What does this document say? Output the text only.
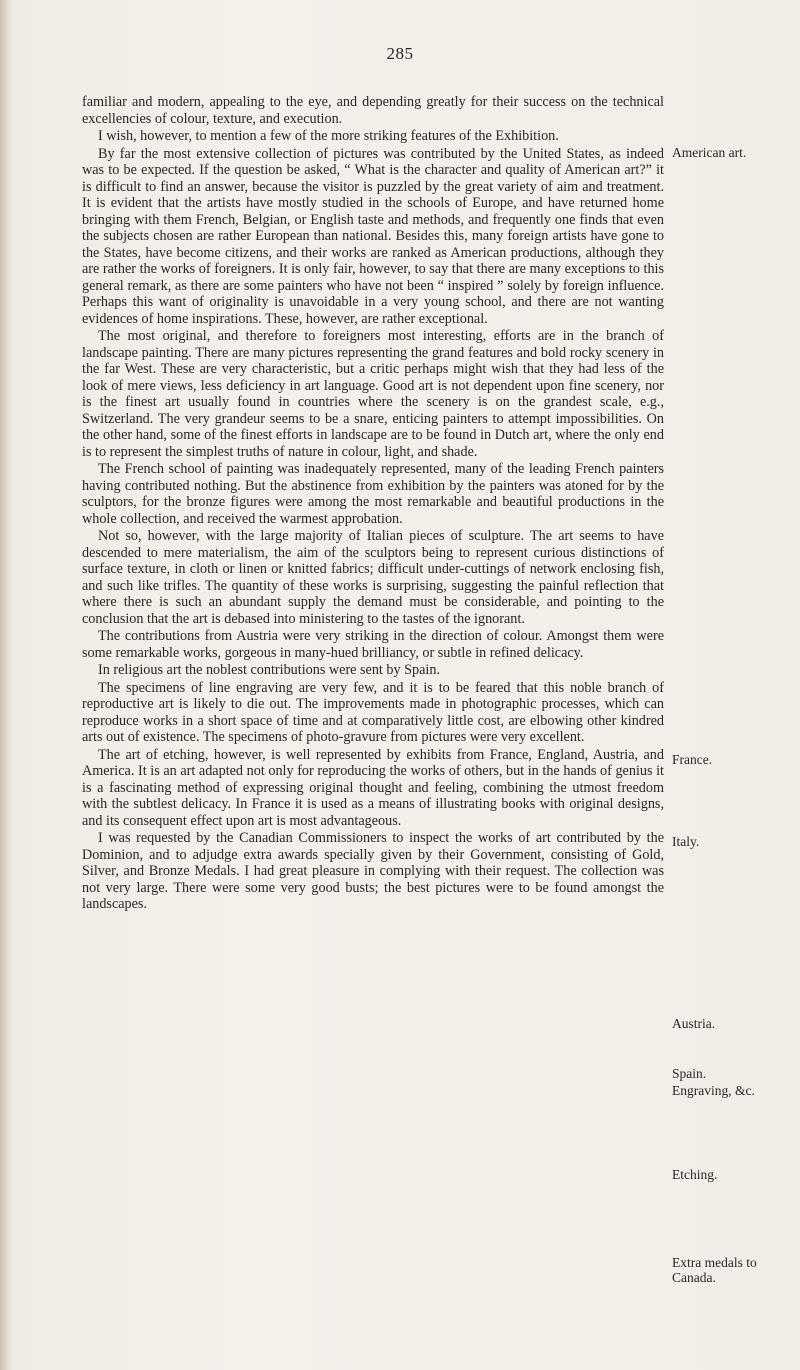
285

familiar and modern, appealing to the eye, and depending greatly for their success on the technical excellencies of colour, texture, and execution.

I wish, however, to mention a few of the more striking features of the Exhibition.

By far the most extensive collection of pictures was contributed by the United States, as indeed was to be expected. If the question be asked, “ What is the character and quality of American art?” it is difficult to find an answer, because the visitor is puzzled by the great variety of aim and treatment. It is evident that the artists have mostly studied in the schools of Europe, and have returned home bringing with them French, Belgian, or English taste and methods, and frequently one finds that even the subjects chosen are rather European than national. Besides this, many foreign artists have gone to the States, have become citizens, and their works are ranked as American productions, although they are rather the works of foreigners. It is only fair, however, to say that there are many exceptions to this general remark, as there are some painters who have not been “ inspired ” solely by foreign influence. Perhaps this want of originality is unavoidable in a very young school, and there are not wanting evidences of home inspirations. These, however, are rather exceptional.

The most original, and therefore to foreigners most interesting, efforts are in the branch of landscape painting. There are many pictures representing the grand features and bold rocky scenery in the far West. These are very characteristic, but a critic perhaps might wish that they had less of the look of mere views, less deficiency in art language. Good art is not dependent upon fine scenery, nor is the finest art usually found in countries where the scenery is on the grandest scale, e.g., Switzerland. The very grandeur seems to be a snare, enticing painters to attempt impossibilities. On the other hand, some of the finest efforts in landscape are to be found in Dutch art, where the only end is to represent the simplest truths of nature in colour, light, and shade.

The French school of painting was inadequately represented, many of the leading French painters having contributed nothing. But the abstinence from exhibition by the painters was atoned for by the sculptors, for the bronze figures were among the most remarkable and beautiful productions in the whole collection, and received the warmest approbation.

Not so, however, with the large majority of Italian pieces of sculpture. The art seems to have descended to mere materialism, the aim of the sculptors being to represent curious distinctions of surface texture, in cloth or linen or knitted fabrics; difficult under-cuttings of network enclosing fish, and such like trifles. The quantity of these works is surprising, suggesting the painful reflection that where there is such an abundant supply the demand must be considerable, and pointing to the conclusion that the art is debased into ministering to the tastes of the ignorant.

The contributions from Austria were very striking in the direction of colour. Amongst them were some remarkable works, gorgeous in many-hued brilliancy, or subtle in refined delicacy.

In religious art the noblest contributions were sent by Spain.

The specimens of line engraving are very few, and it is to be feared that this noble branch of reproductive art is likely to die out. The improvements made in photographic processes, which can reproduce works in a short space of time and at comparatively little cost, are elbowing other kindred arts out of existence. The specimens of photo-gravure from pictures were very excellent.

The art of etching, however, is well represented by exhibits from France, England, Austria, and America. It is an art adapted not only for reproducing the works of others, but in the hands of genius it is a fascinating method of expressing original thought and feeling, combining the utmost freedom with the subtlest delicacy. In France it is used as a means of illustrating books with original designs, and its consequent effect upon art is most advantageous.

I was requested by the Canadian Commissioners to inspect the works of art contributed by the Dominion, and to adjudge extra awards specially given by their Government, consisting of Gold, Silver, and Bronze Medals. I had great pleasure in complying with their request. The collection was not very large. There were some very good busts; the best pictures were to be found amongst the landscapes.

American art.
France.
Italy.
Austria.
Spain.
Engraving, &c.
Etching.
Extra medals to Canada.
